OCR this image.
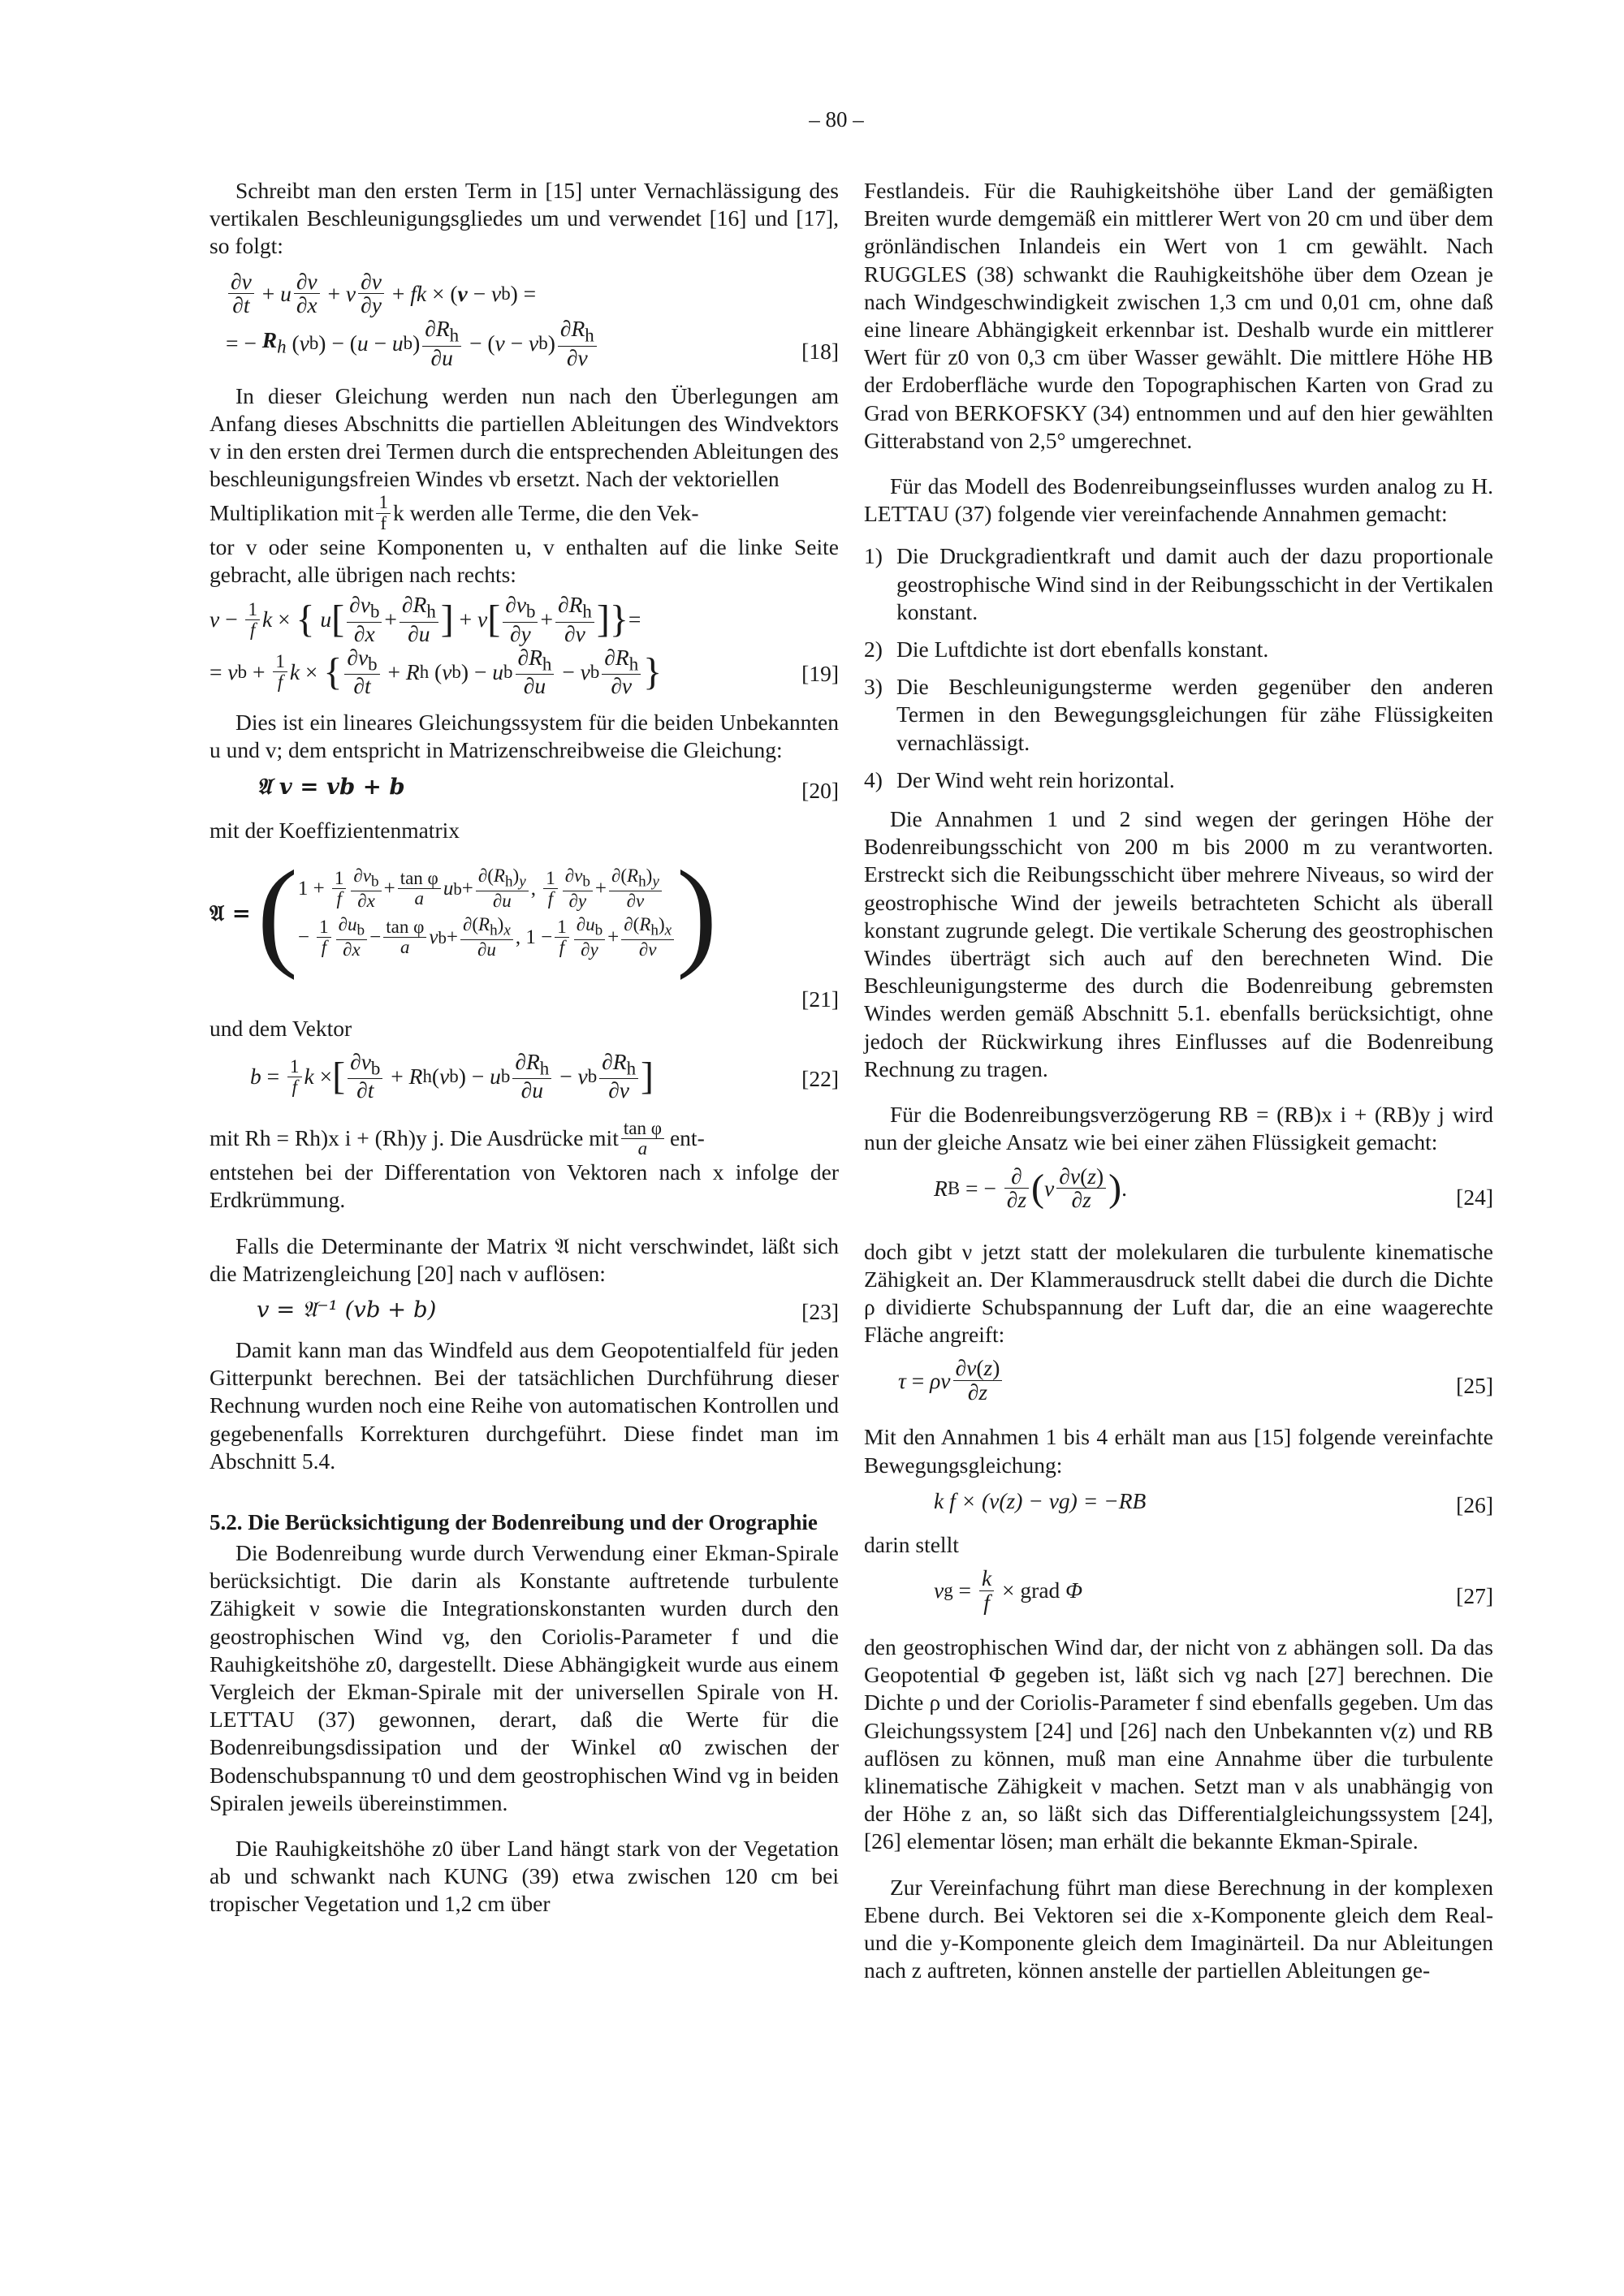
– 80 –

Schreibt man den ersten Term in [15] unter Vernachlässigung des vertikalen Beschleunigungsgliedes um und verwendet [16] und [17], so folgt:

$\frac{\partial v}{\partial t} + u \frac{\partial v}{\partial x} + v \frac{\partial v}{\partial y}$ + fk × ( v − v b ) =
= − $R_h$ ( v b ) − ( u − u b ) $\frac{\partial R_h}{\partial u}$ − ( v − v b ) $\frac{\partial R_h}{\partial v}$	[18]

In dieser Gleichung werden nun nach den Überlegungen am Anfang dieses Abschnitts die partiellen Ableitungen des Windvektors v in den ersten drei Termen durch die entsprechenden Ableitungen des beschleunigungsfreien Windes vb ersetzt. Nach der vektoriellen

Multiplikation mit $\frac{1}{f}$ k werden alle Terme, die den Vek-

tor v oder seine Komponenten u, v enthalten auf die linke Seite gebracht, alle übrigen nach rechts:

$v - \frac{1}{f}$ k × {
u [ $\frac{\partial v_b}{\partial x} + \frac{\partial R_h}{\partial u}$ ] + v [ $\frac{\partial v_b}{\partial y} + \frac{\partial R_h}{\partial v}$ ] } =
= v $b + \frac{1}{f}$ k × { $\frac{\partial v_b}{\partial t} + R$ h ( v b ) − u b $\frac{\partial R_h}{\partial u} - v$ b $\frac{\partial R_h}{\partial v}$ }	[19]

Dies ist ein lineares Gleichungssystem für die beiden Unbekannten u und v; dem entspricht in Matrizenschreibweise die Gleichung:

𝔄 v = vb + b	[20]

mit der Koeffizientenmatrix

𝔄 = ( $1 + \frac{1}{f} \frac{\partial v_b}{\partial x} + \frac{\text{tan φ}}{a}$ u $b + \frac{\partial(R_h)_y}{\partial u}$ , $\frac{1}{f} \frac{\partial v_b}{\partial y} + \frac{\partial(R_h)_y}{\partial v}$
− $\frac{1}{f} \frac{\partial u_b}{\partial x} - \frac{\text{tan φ}}{a}$ v $b + \frac{\partial(R_h)_x}{\partial u}$ , $1 - \frac{1}{f} \frac{\partial u_b}{\partial y} + \frac{\partial(R_h)_x}{\partial v}$ )
[21]

und dem Vektor

$b = \frac{1}{f}$ k × [ $\frac{\partial v_b}{\partial t} + R$ h ( v b ) − u b $\frac{\partial R_h}{\partial u} - v$ b $\frac{\partial R_h}{\partial v}$ ]	[22]
mit Rh = Rh)x i + (Rh)y j. Die Ausdrücke mit $\frac{\text{tan φ}}{a} ent-$

entstehen bei der Differentation von Vektoren nach x infolge der Erdkrümmung.

Falls die Determinante der Matrix 𝔄 nicht verschwindet, läßt sich die Matrizengleichung [20] nach v auflösen:

v = 𝔄⁻¹ (vb + b)	[23]

Damit kann man das Windfeld aus dem Geopotentialfeld für jeden Gitterpunkt berechnen. Bei der tatsächlichen Durchführung dieser Rechnung wurden noch eine Reihe von automatischen Kontrollen und gegebenenfalls Korrekturen durchgeführt. Diese findet man im Abschnitt 5.4.

5.2. Die Berücksichtigung der Bodenreibung und der Orographie

Die Bodenreibung wurde durch Verwendung einer Ekman-Spirale berücksichtigt. Die darin als Konstante auftretende turbulente Zähigkeit ν sowie die Integrationskonstanten wurden durch den geostrophischen Wind vg, den Coriolis-Parameter f und die Rauhigkeitshöhe z0, dargestellt. Diese Abhängigkeit wurde aus einem Vergleich der Ekman-Spirale mit der universellen Spirale von H. LETTAU (37) gewonnen, derart, daß die Werte für die Bodenreibungsdissipation und der Winkel α0 zwischen der Bodenschubspannung τ0 und dem geostrophischen Wind vg in beiden Spiralen jeweils übereinstimmen.

Die Rauhigkeitshöhe z0 über Land hängt stark von der Vegetation ab und schwankt nach KUNG (39) etwa zwischen 120 cm bei tropischer Vegetation und 1,2 cm über

Festlandeis. Für die Rauhigkeitshöhe über Land der gemäßigten Breiten wurde demgemäß ein mittlerer Wert von 20 cm und über dem grönländischen Inlandeis ein Wert von 1 cm gewählt. Nach RUGGLES (38) schwankt die Rauhigkeitshöhe über dem Ozean je nach Windgeschwindigkeit zwischen 1,3 cm und 0,01 cm, ohne daß eine lineare Abhängigkeit erkennbar ist. Deshalb wurde ein mittlerer Wert für z0 von 0,3 cm über Wasser gewählt. Die mittlere Höhe HB der Erdoberfläche wurde den Topographischen Karten von Grad zu Grad von BERKOFSKY (34) entnommen und auf den hier gewählten Gitterabstand von 2,5° umgerechnet.

Für das Modell des Bodenreibungseinflusses wurden analog zu H. LETTAU (37) folgende vier vereinfachende Annahmen gemacht:

1) Die Druckgradientkraft und damit auch der dazu proportionale geostrophische Wind sind in der Reibungsschicht in der Vertikalen konstant.
2) Die Luftdichte ist dort ebenfalls konstant.
3) Die Beschleunigungsterme werden gegenüber den anderen Termen in den Bewegungsgleichungen für zähe Flüssigkeiten vernachlässigt.
4) Der Wind weht rein horizontal.

Die Annahmen 1 und 2 sind wegen der geringen Höhe der Bodenreibungsschicht von 200 m bis 2000 m zu verantworten. Erstreckt sich die Reibungsschicht über mehrere Niveaus, so wird der geostrophische Wind der jeweils betrachteten Schicht als überall konstant zugrunde gelegt. Die vertikale Scherung des geostrophischen Windes überträgt sich auch auf den berechneten Wind. Die Beschleunigungsterme des durch die Bodenreibung gebremsten Windes werden gemäß Abschnitt 5.1. ebenfalls berücksichtigt, ohne jedoch der Rückwirkung ihres Einflusses auf die Bodenreibung Rechnung zu tragen.

Für die Bodenreibungsverzögerung RB = (RB)x i + (RB)y j wird nun der gleiche Ansatz wie bei einer zähen Flüssigkeit gemacht:

R B = − $\frac{\partial}{\partial z}$ ( ν $\frac{\partial v(z)}{\partial z}$ ) .	[24]

doch gibt ν jetzt statt der molekularen die turbulente kinematische Zähigkeit an. Der Klammerausdruck stellt dabei die durch die Dichte ρ dividierte Schubspannung der Luft dar, die an eine waagerechte Fläche angreift:

τ = ρν $\frac{\partial v(z)}{\partial z}$	[25]

Mit den Annahmen 1 bis 4 erhält man aus [15] folgende vereinfachte Bewegungsgleichung:

k f × (v(z) − vg) = −RB	[26]

darin stellt

v $g = \frac{k}{f}$ × grad Φ	[27]

den geostrophischen Wind dar, der nicht von z abhängen soll. Da das Geopotential Φ gegeben ist, läßt sich vg nach [27] berechnen. Die Dichte ρ und der Coriolis-Parameter f sind ebenfalls gegeben. Um das Gleichungssystem [24] und [26] nach den Unbekannten v(z) und RB auflösen zu können, muß man eine Annahme über die turbulente klinematische Zähigkeit ν machen. Setzt man ν als unabhängig von der Höhe z an, so läßt sich das Differentialgleichungssystem [24], [26] elementar lösen; man erhält die bekannte Ekman-Spirale.

Zur Vereinfachung führt man diese Berechnung in der komplexen Ebene durch. Bei Vektoren sei die x-Komponente gleich dem Real- und die y-Komponente gleich dem Imaginärteil. Da nur Ableitungen nach z auftreten, können anstelle der partiellen Ableitungen ge-
